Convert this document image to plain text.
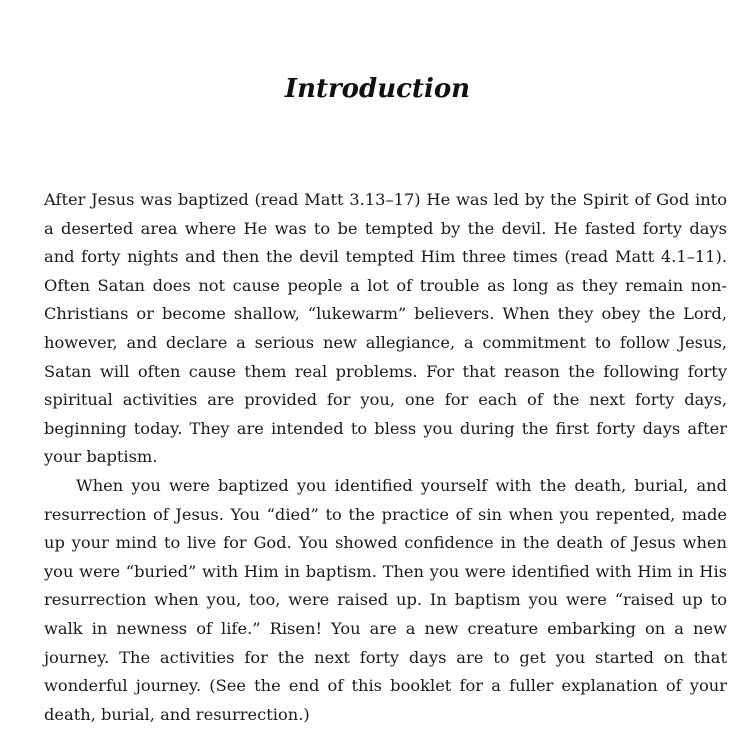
Introduction

After Jesus was baptized (read Matt 3.13–17) He was led by the Spirit of God into a deserted area where He was to be tempted by the devil. He fasted forty days and forty nights and then the devil tempted Him three times (read Matt 4.1–11). Often Satan does not cause people a lot of trouble as long as they remain non-Christians or become shallow, “lukewarm” believers. When they obey the Lord, however, and declare a serious new allegiance, a commitment to follow Jesus, Satan will often cause them real problems. For that reason the following forty spiritual activities are provided for you, one for each of the next forty days, beginning today. They are intended to bless you during the first forty days after your baptism.

When you were baptized you identified yourself with the death, burial, and resurrection of Jesus. You “died” to the practice of sin when you repented, made up your mind to live for God. You showed confidence in the death of Jesus when you were “buried” with Him in baptism. Then you were identified with Him in His resurrection when you, too, were raised up. In baptism you were “raised up to walk in newness of life.” Risen! You are a new creature embarking on a new journey. The activities for the next forty days are to get you started on that wonderful journey. (See the end of this booklet for a fuller explanation of your death, burial, and resurrection.)
